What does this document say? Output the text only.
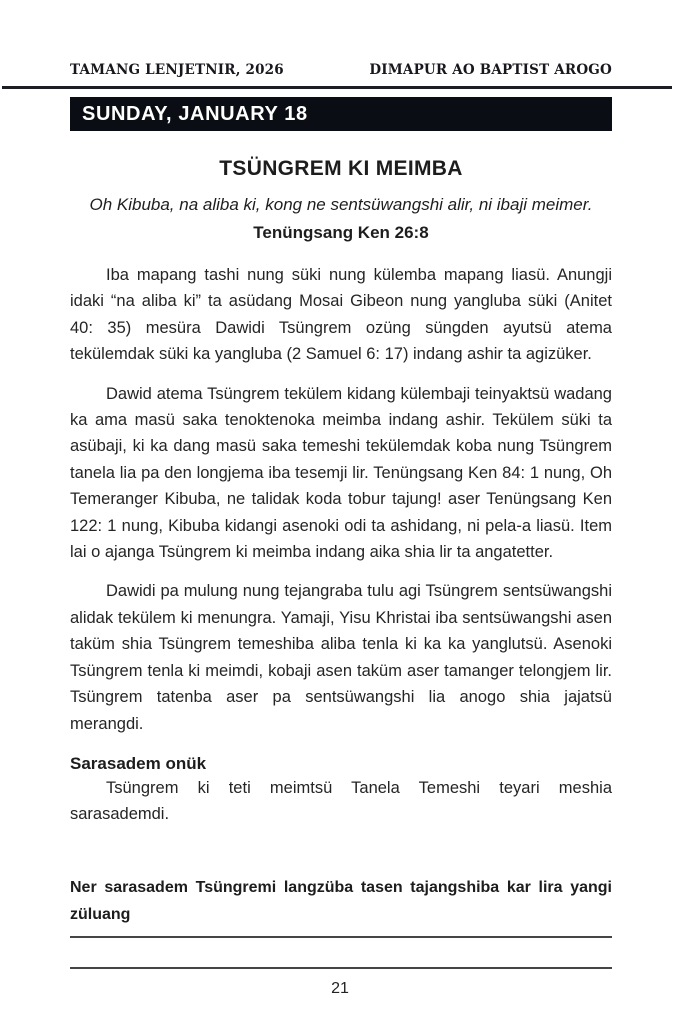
TAMANG LENJETNIR, 2026	DIMAPUR AO BAPTIST AROGO
SUNDAY, JANUARY 18
TSÜNGREM KI MEIMBA
Oh Kibuba, na aliba ki, kong ne sentsüwangshi alir, ni ibaji meimer. Tenüngsang Ken 26:8

Iba mapang tashi nung süki nung külemba mapang liasü. Anungji idaki “na aliba ki” ta asüdang Mosai Gibeon nung yangluba süki (Anitet 40: 35) mesüra Dawidi Tsüngrem ozüng süngden ayutsü atema tekülemdak süki ka yangluba (2 Samuel 6: 17) indang ashir ta agizüker.

Dawid atema Tsüngrem tekülem kidang külembaji teinyaktsü wadang ka ama masü saka tenoktenoka meimba indang ashir. Tekülem süki ta asübaji, ki ka dang masü saka temeshi tekülemdak koba nung Tsüngrem tanela lia pa den longjema iba tesemji lir. Tenüngsang Ken 84: 1 nung, Oh Temeranger Kibuba, ne talidak koda tobur tajung! aser Tenüngsang Ken 122: 1 nung, Kibuba kidangi asenoki odi ta ashidang, ni pela-a liasü. Item lai o ajanga Tsüngrem ki meimba indang aika shia lir ta angatetter.

Dawidi pa mulung nung tejangraba tulu agi Tsüngrem sentsüwangshi alidak tekülem ki menungra. Yamaji, Yisu Khristai iba sentsüwangshi asen taküm shia Tsüngrem temeshiba aliba tenla ki ka ka yanglutsü. Asenoki Tsüngrem tenla ki meimdi, kobaji asen taküm aser tamanger telongjem lir. Tsüngrem tatenba aser pa sentsüwangshi lia anogo shia jajatsü merangdi.

Sarasadem onük

Tsüngrem ki teti meimtsü Tanela Temeshi teyari meshia sarasademdi.

Ner sarasadem Tsüngremi langzüba tasen tajangshiba kar lira yangi züluang
21
